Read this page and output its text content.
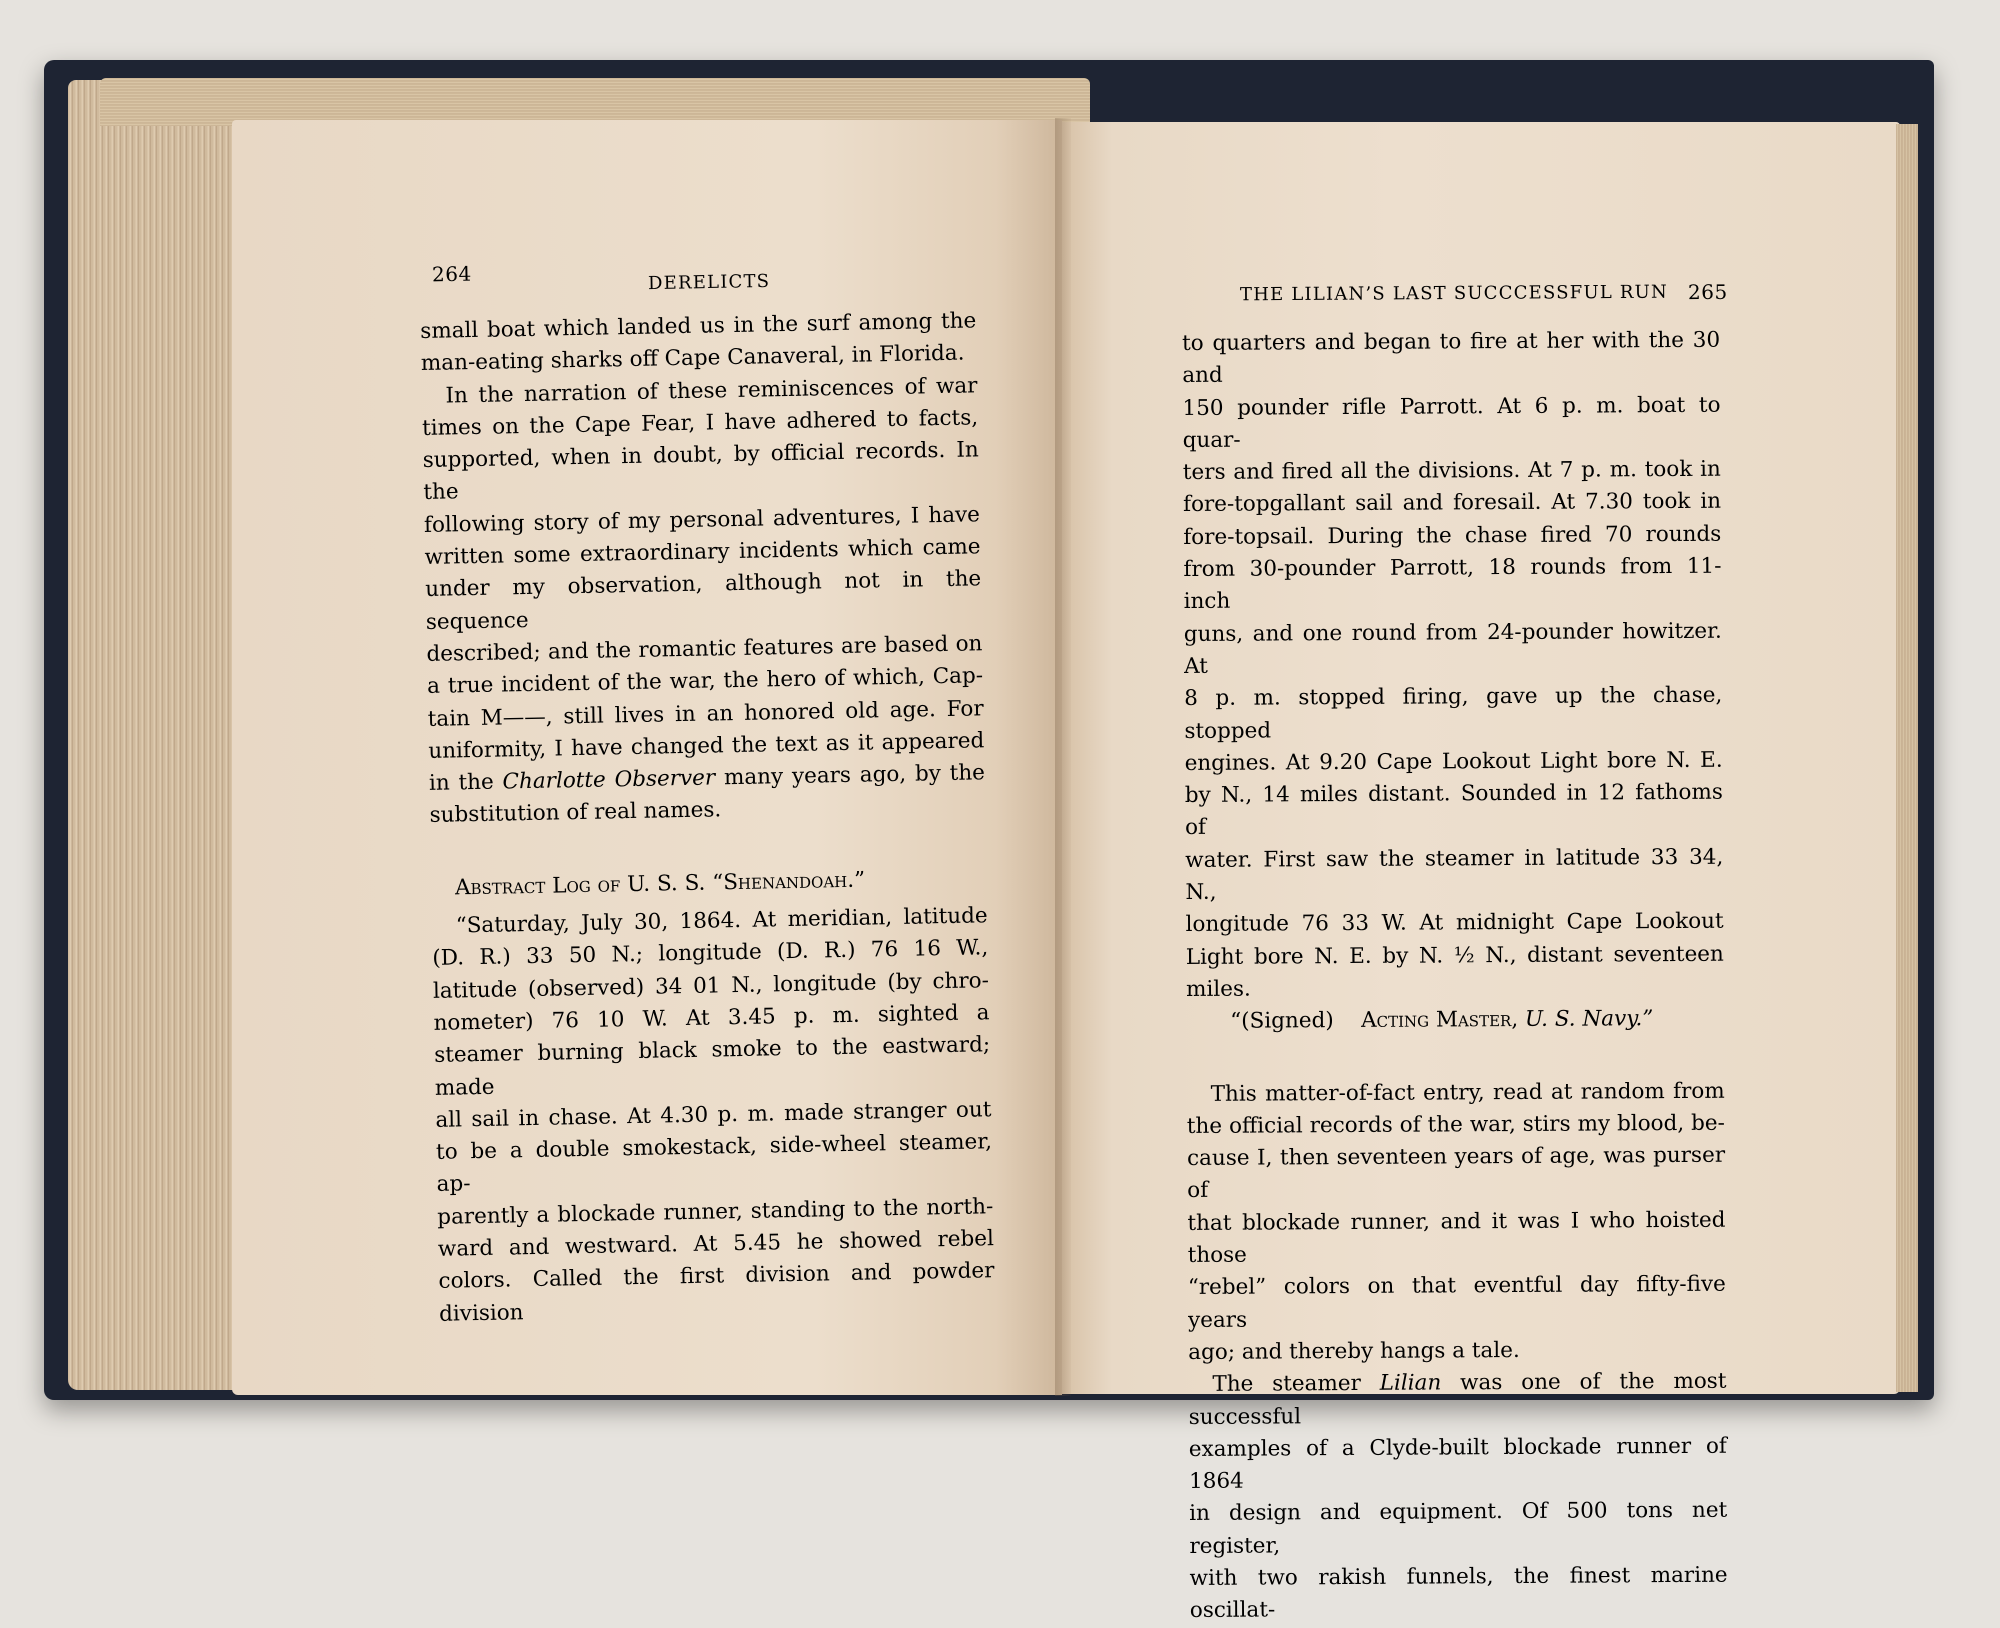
264	DERELICTS

small boat which landed us in the surf among the

man-eating sharks off Cape Canaveral, in Florida.

In the narration of these reminiscences of war

times on the Cape Fear, I have adhered to facts,

supported, when in doubt, by official records. In the

following story of my personal adventures, I have

written some extraordinary incidents which came

under my observation, although not in the sequence

described; and the romantic features are based on

a true incident of the war, the hero of which, Cap-

tain M——, still lives in an honored old age. For

uniformity, I have changed the text as it appeared

in the Charlotte Observer many years ago, by the

substitution of real names.

Abstract Log of U. S. S. “Shenandoah.”

“Saturday, July 30, 1864. At meridian, latitude

(D. R.) 33 50 N.; longitude (D. R.) 76 16 W.,

latitude (observed) 34 01 N., longitude (by chro-

nometer) 76 10 W. At 3.45 p. m. sighted a

steamer burning black smoke to the eastward; made

all sail in chase. At 4.30 p. m. made stranger out

to be a double smokestack, side-wheel steamer, ap-

parently a blockade runner, standing to the north-

ward and westward. At 5.45 he showed rebel

colors. Called the first division and powder division

THE LILIAN’S LAST SUCCCESSFUL RUN 265

to quarters and began to fire at her with the 30 and

150 pounder rifle Parrott. At 6 p. m. boat to quar-

ters and fired all the divisions. At 7 p. m. took in

fore-topgallant sail and foresail. At 7.30 took in

fore-topsail. During the chase fired 70 rounds

from 30-pounder Parrott, 18 rounds from 11-inch

guns, and one round from 24-pounder howitzer. At

8 p. m. stopped firing, gave up the chase, stopped

engines. At 9.20 Cape Lookout Light bore N. E.

by N., 14 miles distant. Sounded in 12 fathoms of

water. First saw the steamer in latitude 33 34, N.,

longitude 76 33 W. At midnight Cape Lookout

Light bore N. E. by N. ½ N., distant seventeen

miles.

“(Signed) Acting Master, U. S. Navy.”

This matter-of-fact entry, read at random from

the official records of the war, stirs my blood, be-

cause I, then seventeen years of age, was purser of

that blockade runner, and it was I who hoisted those

“rebel” colors on that eventful day fifty-five years

ago; and thereby hangs a tale.

The steamer Lilian was one of the most successful

examples of a Clyde-built blockade runner of 1864

in design and equipment. Of 500 tons net register,

with two rakish funnels, the finest marine oscillat-
